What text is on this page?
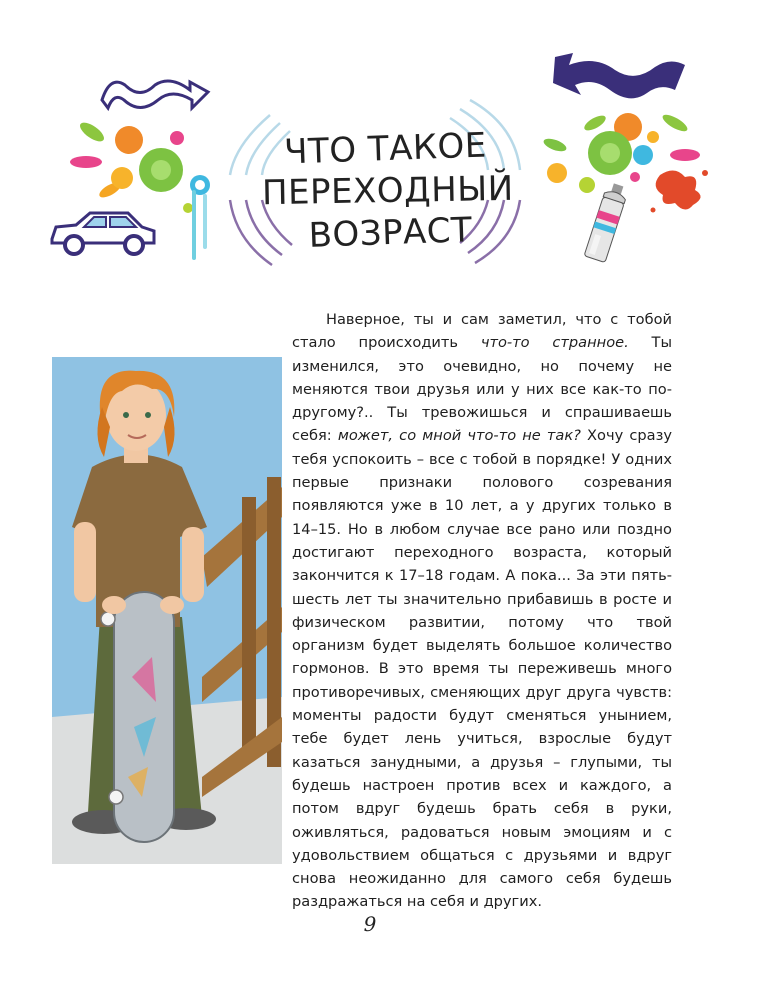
ЧТО ТАКОЕ
ПЕРЕХОДНЫЙ
ВОЗРАСТ
Наверное, ты и сам заметил, что с тобой стало происходить что-то странное. Ты изменился, это очевидно, но почему не меняются твои друзья или у них все как-то по-другому?.. Ты тревожишься и спрашиваешь себя: может, со мной что-то не так? Хочу сразу тебя успокоить – все с тобой в порядке! У одних первые признаки полового созревания появляются уже в 10 лет, а у других только в 14–15. Но в любом случае все рано или поздно достигают переходного возраста, который закончится к 17–18 годам. А пока... За эти пять-шесть лет ты значительно прибавишь в росте и физическом развитии, потому что твой организм будет выделять большое количество гормонов. В это время ты переживешь много противоречивых, сменяющих друг друга чувств: моменты радости будут сменяться унынием, тебе будет лень учиться, взрослые будут казаться занудными, а друзья – глупыми, ты будешь настроен против всех и каждого, а потом вдруг будешь брать себя в руки, оживляться, радоваться новым эмоциям и с удовольствием общаться с друзьями и вдруг снова неожиданно для самого себя будешь раздражаться на себя и других.
9
